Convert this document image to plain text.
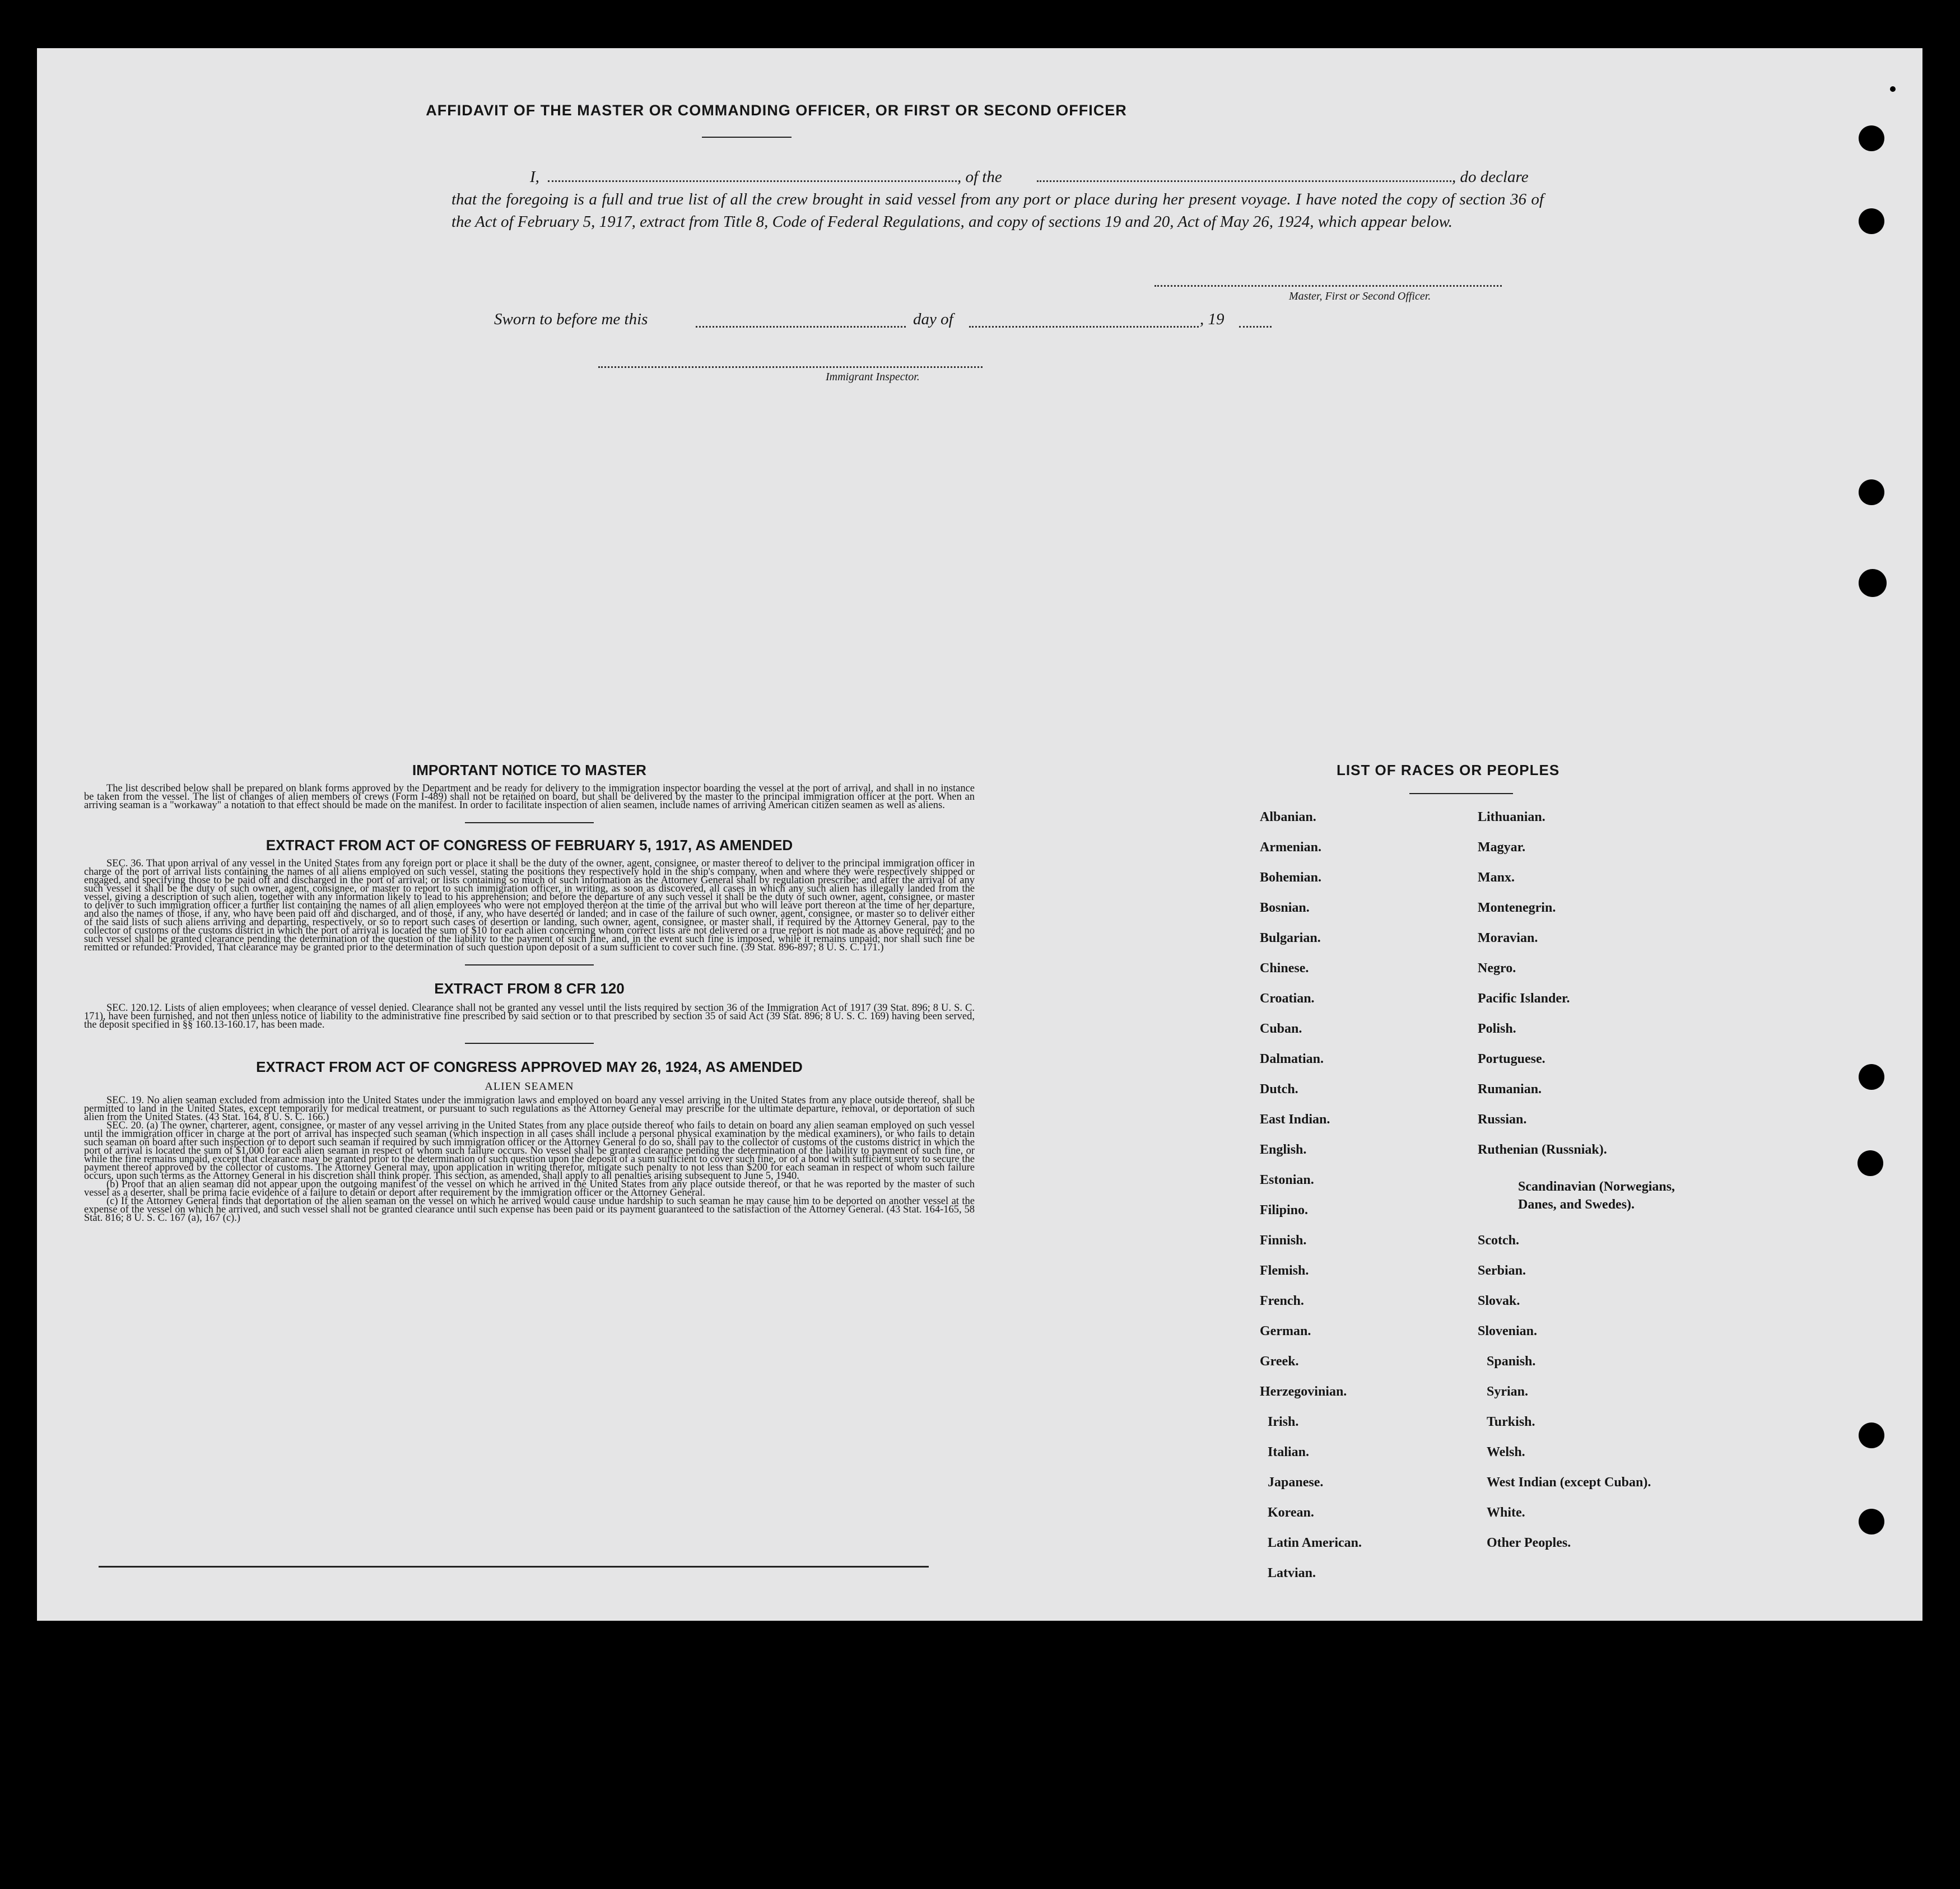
AFFIDAVIT OF THE MASTER OR COMMANDING OFFICER, OR FIRST OR SECOND OFFICER
I,	, of the	, do declare
that the foregoing is a full and true list of all the crew brought in said vessel from any port or place during her present voyage. I have noted the copy of section 36 of the Act of February 5, 1917, extract from Title 8, Code of Federal Regulations, and copy of sections 19 and 20, Act of May 26, 1924, which appear below.
Master, First or Second Officer.
Sworn to before me this	day of	, 19
Immigrant Inspector.
IMPORTANT NOTICE TO MASTER
The list described below shall be prepared on blank forms approved by the Department and be ready for delivery to the immigration inspector boarding the vessel at the port of arrival, and shall in no instance be taken from the vessel. The list of changes of alien members of crews (Form I-489) shall not be retained on board, but shall be delivered by the master to the principal immigration officer at the port. When an arriving seaman is a "workaway" a notation to that effect should be made on the manifest. In order to facilitate inspection of alien seamen, include names of arriving American citizen seamen as well as aliens.
EXTRACT FROM ACT OF CONGRESS OF FEBRUARY 5, 1917, AS AMENDED
SEC. 36. That upon arrival of any vessel in the United States from any foreign port or place it shall be the duty of the owner, agent, consignee, or master thereof to deliver to the principal immigration officer in charge of the port of arrival lists containing the names of all aliens employed on such vessel, stating the positions they respectively hold in the ship's company, when and where they were respectively shipped or engaged, and specifying those to be paid off and discharged in the port of arrival; or lists containing so much of such information as the Attorney General shall by regulation prescribe; and after the arrival of any such vessel it shall be the duty of such owner, agent, consignee, or master to report to such immigration officer, in writing, as soon as discovered, all cases in which any such alien has illegally landed from the vessel, giving a description of such alien, together with any information likely to lead to his apprehension; and before the departure of any such vessel it shall be the duty of such owner, agent, consignee, or master to deliver to such immigration officer a further list containing the names of all alien employees who were not employed thereon at the time of the arrival but who will leave port thereon at the time of her departure, and also the names of those, if any, who have been paid off and discharged, and of those, if any, who have deserted or landed; and in case of the failure of such owner, agent, consignee, or master so to deliver either of the said lists of such aliens arriving and departing, respectively, or so to report such cases of desertion or landing, such owner, agent, consignee, or master shall, if required by the Attorney General, pay to the collector of customs of the customs district in which the port of arrival is located the sum of $10 for each alien concerning whom correct lists are not delivered or a true report is not made as above required; and no such vessel shall be granted clearance pending the determination of the question of the liability to the payment of such fine, and, in the event such fine is imposed, while it remains unpaid; nor shall such fine be remitted or refunded: Provided, That clearance may be granted prior to the determination of such question upon deposit of a sum sufficient to cover such fine. (39 Stat. 896-897; 8 U. S. C. 171.)
EXTRACT FROM 8 CFR 120
SEC. 120.12. Lists of alien employees; when clearance of vessel denied. Clearance shall not be granted any vessel until the lists required by section 36 of the Immigration Act of 1917 (39 Stat. 896; 8 U. S. C. 171), have been furnished, and not then unless notice of liability to the administrative fine prescribed by said section or to that prescribed by section 35 of said Act (39 Stat. 896; 8 U. S. C. 169) having been served, the deposit specified in §§ 160.13-160.17, has been made.
EXTRACT FROM ACT OF CONGRESS APPROVED MAY 26, 1924, AS AMENDED
ALIEN SEAMEN

SEC. 19. No alien seaman excluded from admission into the United States under the immigration laws and employed on board any vessel arriving in the United States from any place outside thereof, shall be permitted to land in the United States, except temporarily for medical treatment, or pursuant to such regulations as the Attorney General may prescribe for the ultimate departure, removal, or deportation of such alien from the United States. (43 Stat. 164, 8 U. S. C. 166.)

SEC. 20. (a) The owner, charterer, agent, consignee, or master of any vessel arriving in the United States from any place outside thereof who fails to detain on board any alien seaman employed on such vessel until the immigration officer in charge at the port of arrival has inspected such seaman (which inspection in all cases shall include a personal physical examination by the medical examiners), or who fails to detain such seaman on board after such inspection or to deport such seaman if required by such immigration officer or the Attorney General to do so, shall pay to the collector of customs of the customs district in which the port of arrival is located the sum of $1,000 for each alien seaman in respect of whom such failure occurs. No vessel shall be granted clearance pending the determination of the liability to payment of such fine, or while the fine remains unpaid, except that clearance may be granted prior to the determination of such question upon the deposit of a sum sufficient to cover such fine, or of a bond with sufficient surety to secure the payment thereof approved by the collector of customs. The Attorney General may, upon application in writing therefor, mitigate such penalty to not less than $200 for each seaman in respect of whom such failure occurs, upon such terms as the Attorney General in his discretion shall think proper. This section, as amended, shall apply to all penalties arising subsequent to June 5, 1940.

(b) Proof that an alien seaman did not appear upon the outgoing manifest of the vessel on which he arrived in the United States from any place outside thereof, or that he was reported by the master of such vessel as a deserter, shall be prima facie evidence of a failure to detain or deport after requirement by the immigration officer or the Attorney General.

(c) If the Attorney General finds that deportation of the alien seaman on the vessel on which he arrived would cause undue hardship to such seaman he may cause him to be deported on another vessel at the expense of the vessel on which he arrived, and such vessel shall not be granted clearance until such expense has been paid or its payment guaranteed to the satisfaction of the Attorney General. (43 Stat. 164-165, 58 Stat. 816; 8 U. S. C. 167 (a), 167 (c).)

LIST OF RACES OR PEOPLES
Albanian.
Armenian.
Bohemian.
Bosnian.
Bulgarian.
Chinese.
Croatian.
Cuban.
Dalmatian.
Dutch.
East Indian.
English.
Estonian.
Filipino.
Finnish.
Flemish.
French.
German.
Greek.
Herzegovinian.
Irish.
Italian.
Japanese.
Korean.
Latin American.
Latvian.
Lithuanian.
Magyar.
Manx.
Montenegrin.
Moravian.
Negro.
Pacific Islander.
Polish.
Portuguese.
Rumanian.
Russian.
Ruthenian (Russniak).
Scandinavian (Norwegians,
Danes, and Swedes).
Scotch.
Serbian.
Slovak.
Slovenian.
Spanish.
Syrian.
Turkish.
Welsh.
West Indian (except Cuban).
White.
Other Peoples.
